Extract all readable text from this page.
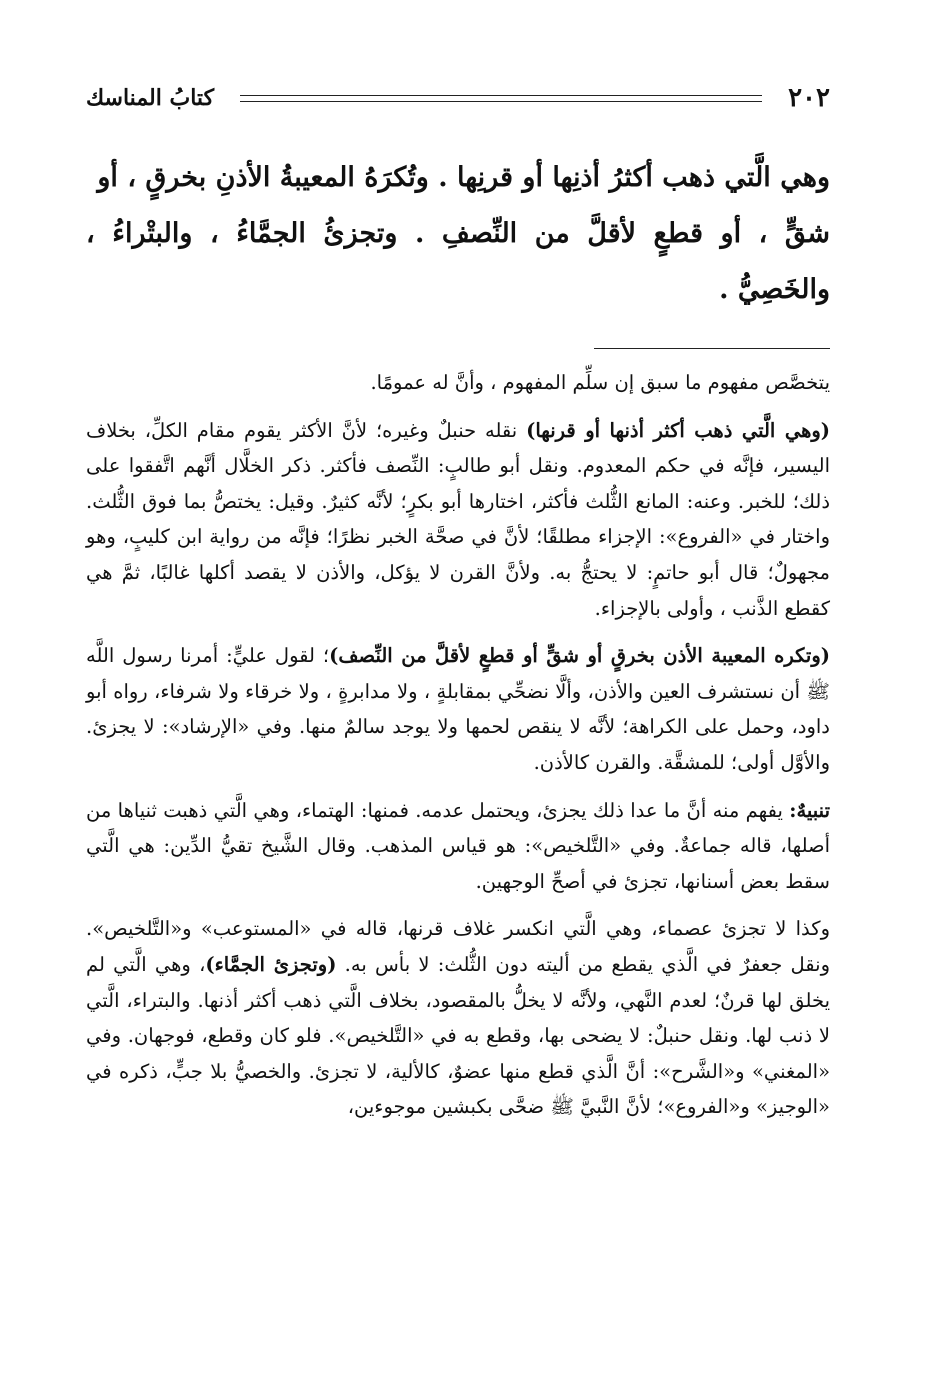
٢٠٢
كتابُ المناسك

وهي الَّتي ذهب أكثرُ أذنِها أو قرنِها . وتُكرَهُ المعيبةُ الأذنِ بخرقٍ ، أو

شقٍّ ، أو قطعٍ لأقلَّ من النِّصفِ . وتجزئُ الجمَّاءُ ، والبتْراءُ ، والخَصِيُّ .

يتخصَّص مفهوم ما سبق إن سلِّم المفهوم ، وأنَّ له عمومًا.

(وهي الَّتي ذهب أكثر أذنها أو قرنها) نقله حنبلٌ وغيره؛ لأنَّ الأكثر يقوم مقام الكلِّ، بخلاف اليسير، فإنَّه في حكم المعدوم. ونقل أبو طالبٍ: النِّصف فأكثر. ذكر الخلَّال أنَّهم اتَّفقوا على ذلك؛ للخبر. وعنه: المانع الثُّلث فأكثر، اختارها أبو بكرٍ؛ لأنَّه كثيرٌ. وقيل: يختصُّ بما فوق الثُّلث. واختار في «الفروع»: الإجزاء مطلقًا؛ لأنَّ في صحَّة الخبر نظرًا؛ فإنَّه من رواية ابن كليبٍ، وهو مجهولٌ؛ قال أبو حاتمٍ: لا يحتجُّ به. ولأنَّ القرن لا يؤكل، والأذن لا يقصد أكلها غالبًا، ثمَّ هي كقطع الذَّنب ، وأولى بالإجزاء.

(وتكره المعيبة الأذن بخرقٍ أو شقٍّ أو قطعٍ لأقلَّ من النِّصف)؛ لقول عليٍّ: أمرنا رسول اللَّه ﷺ أن نستشرف العين والأذن، وألَّا نضحِّي بمقابلةٍ ، ولا مدابرةٍ ، ولا خرقاء ولا شرفاء، رواه أبو داود، وحمل على الكراهة؛ لأنَّه لا ينقص لحمها ولا يوجد سالمٌ منها. وفي «الإرشاد»: لا يجزئ. والأوَّل أولى؛ للمشقَّة. والقرن كالأذن.

تنبيهٌ: يفهم منه أنَّ ما عدا ذلك يجزئ، ويحتمل عدمه. فمنها: الهتماء، وهي الَّتي ذهبت ثنياها من أصلها، قاله جماعةٌ. وفي «التَّلخيص»: هو قياس المذهب. وقال الشَّيخ تقيُّ الدِّين: هي الَّتي سقط بعض أسنانها، تجزئ في أصحِّ الوجهين.

وكذا لا تجزئ عصماء، وهي الَّتي انكسر غلاف قرنها، قاله في «المستوعب» و«التَّلخيص». ونقل جعفرٌ في الَّذي يقطع من أليته دون الثُّلث: لا بأس به. (وتجزئ الجمَّاء)، وهي الَّتي لم يخلق لها قرنٌ؛ لعدم النَّهي، ولأنَّه لا يخلُّ بالمقصود، بخلاف الَّتي ذهب أكثر أذنها. والبتراء، الَّتي لا ذنب لها. ونقل حنبلٌ: لا يضحى بها، وقطع به في «التَّلخيص». فلو كان وقطع، فوجهان. وفي «المغني» و«الشَّرح»: أنَّ الَّذي قطع منها عضوٌ، كالألية، لا تجزئ. والخصيُّ بلا جبٍّ، ذكره في «الوجيز» و«الفروع»؛ لأنَّ النَّبيَّ ﷺ ضحَّى بكبشين موجوءين،
